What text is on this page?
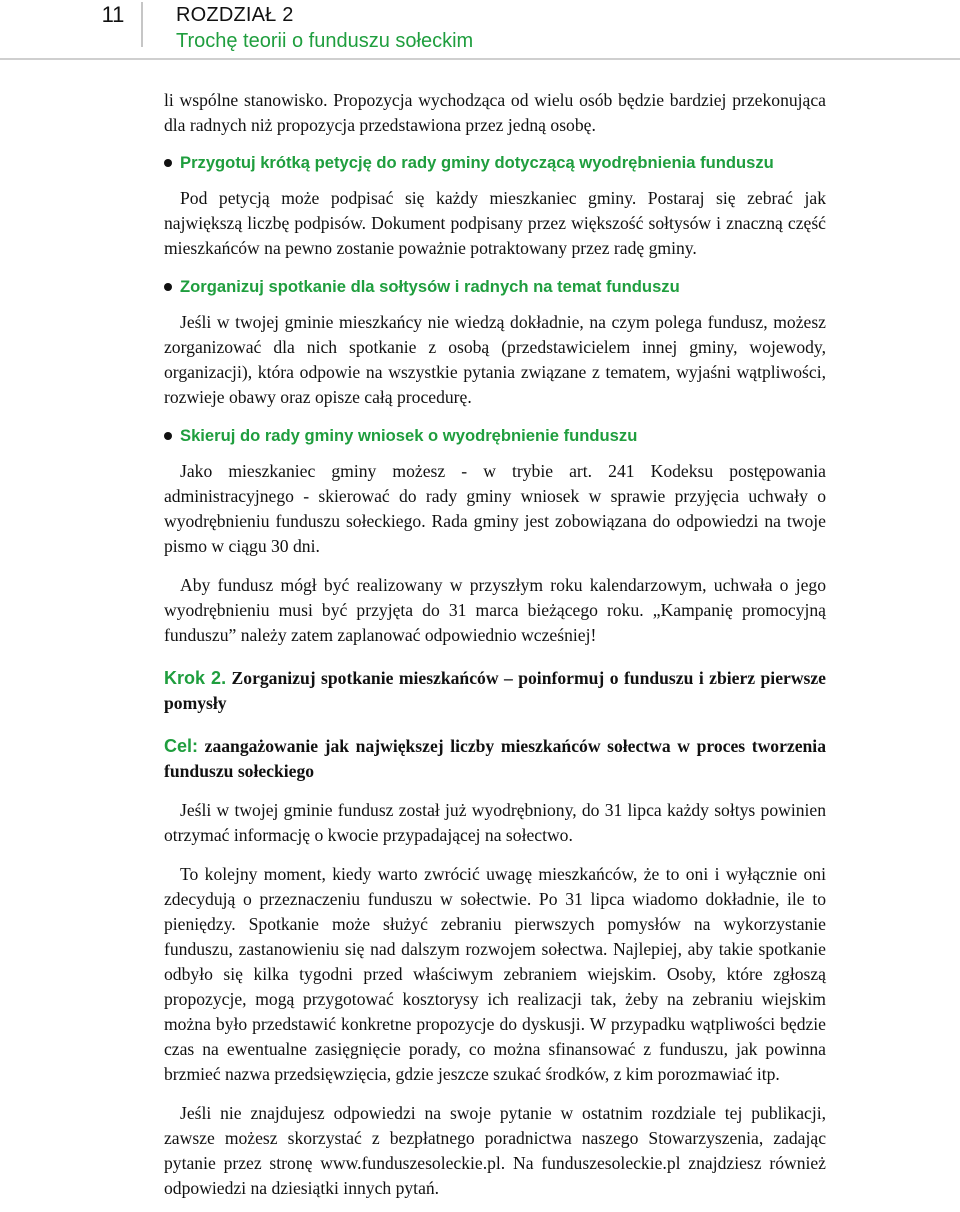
11	ROZDZIAŁ 2
Trochę teorii o funduszu sołeckim

li wspólne stanowisko. Propozycja wychodząca od wielu osób będzie bardziej przekonująca dla radnych niż propozycja przedstawiona przez jedną osobę.

Przygotuj krótką petycję do rady gminy dotyczącą wyodrębnienia funduszu

Pod petycją może podpisać się każdy mieszkaniec gminy. Postaraj się zebrać jak największą liczbę podpisów. Dokument podpisany przez większość sołtysów i znaczną część mieszkańców na pewno zostanie poważnie potraktowany przez radę gminy.

Zorganizuj spotkanie dla sołtysów i radnych na temat funduszu

Jeśli w twojej gminie mieszkańcy nie wiedzą dokładnie, na czym polega fundusz, możesz zorganizować dla nich spotkanie z osobą (przedstawicielem innej gminy, wojewody, organizacji), która odpowie na wszystkie pytania związane z tematem, wyjaśni wątpliwości, rozwieje obawy oraz opisze całą procedurę.

Skieruj do rady gminy wniosek o wyodrębnienie funduszu

Jako mieszkaniec gminy możesz - w trybie art. 241 Kodeksu postępowania administracyjnego - skierować do rady gminy wniosek w sprawie przyjęcia uchwały o wyodrębnieniu funduszu sołeckiego. Rada gminy jest zobowiązana do odpowiedzi na twoje pismo w ciągu 30 dni.

Aby fundusz mógł być realizowany w przyszłym roku kalendarzowym, uchwała o jego wyodrębnieniu musi być przyjęta do 31 marca bieżącego roku. „Kampanię promocyjną funduszu” należy zatem zaplanować odpowiednio wcześniej!

Krok 2. Zorganizuj spotkanie mieszkańców – poinformuj o funduszu i zbierz pierwsze pomysły

Cel: zaangażowanie jak największej liczby mieszkańców sołectwa w proces tworzenia funduszu sołeckiego

Jeśli w twojej gminie fundusz został już wyodrębniony, do 31 lipca każdy sołtys powinien otrzymać informację o kwocie przypadającej na sołectwo.

To kolejny moment, kiedy warto zwrócić uwagę mieszkańców, że to oni i wyłącznie oni zdecydują o przeznaczeniu funduszu w sołectwie. Po 31 lipca wiadomo dokładnie, ile to pieniędzy. Spotkanie może służyć zebraniu pierwszych pomysłów na wykorzystanie funduszu, zastanowieniu się nad dalszym rozwojem sołectwa. Najlepiej, aby takie spotkanie odbyło się kilka tygodni przed właściwym zebraniem wiejskim. Osoby, które zgłoszą propozycje, mogą przygotować kosztorysy ich realizacji tak, żeby na zebraniu wiejskim można było przedstawić konkretne propozycje do dyskusji. W przypadku wątpliwości będzie czas na ewentualne zasięgnięcie porady, co można sfinansować z funduszu, jak powinna brzmieć nazwa przedsięwzięcia, gdzie jeszcze szukać środków, z kim porozmawiać itp.

Jeśli nie znajdujesz odpowiedzi na swoje pytanie w ostatnim rozdziale tej publikacji, zawsze możesz skorzystać z bezpłatnego poradnictwa naszego Stowarzyszenia, zadając pytanie przez stronę www.funduszesoleckie.pl. Na funduszesoleckie.pl znajdziesz również odpowiedzi na dziesiątki innych pytań.
